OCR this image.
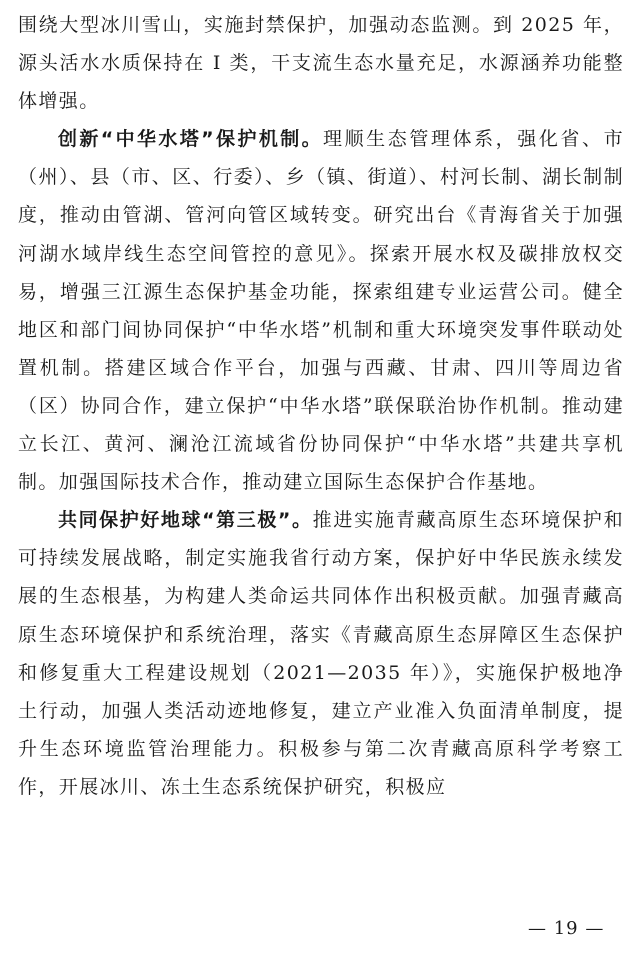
围绕大型冰川雪山，实施封禁保护，加强动态监测。到 2025 年，源头活水水质保持在 I 类，干支流生态水量充足，水源涵养功能整体增强。

创新“中华水塔”保护机制。理顺生态管理体系，强化省、市（州）、县（市、区、行委）、乡（镇、街道）、村河长制、湖长制制度，推动由管湖、管河向管区域转变。研究出台《青海省关于加强河湖水域岸线生态空间管控的意见》。探索开展水权及碳排放权交易，增强三江源生态保护基金功能，探索组建专业运营公司。健全地区和部门间协同保护“中华水塔”机制和重大环境突发事件联动处置机制。搭建区域合作平台，加强与西藏、甘肃、四川等周边省（区）协同合作，建立保护“中华水塔”联保联治协作机制。推动建立长江、黄河、澜沧江流域省份协同保护“中华水塔”共建共享机制。加强国际技术合作，推动建立国际生态保护合作基地。

共同保护好地球“第三极”。推进实施青藏高原生态环境保护和可持续发展战略，制定实施我省行动方案，保护好中华民族永续发展的生态根基，为构建人类命运共同体作出积极贡献。加强青藏高原生态环境保护和系统治理，落实《青藏高原生态屏障区生态保护和修复重大工程建设规划（2021—2035 年）》，实施保护极地净土行动，加强人类活动迹地修复，建立产业准入负面清单制度，提升生态环境监管治理能力。积极参与第二次青藏高原科学考察工作，开展冰川、冻土生态系统保护研究，积极应

— 19 —
